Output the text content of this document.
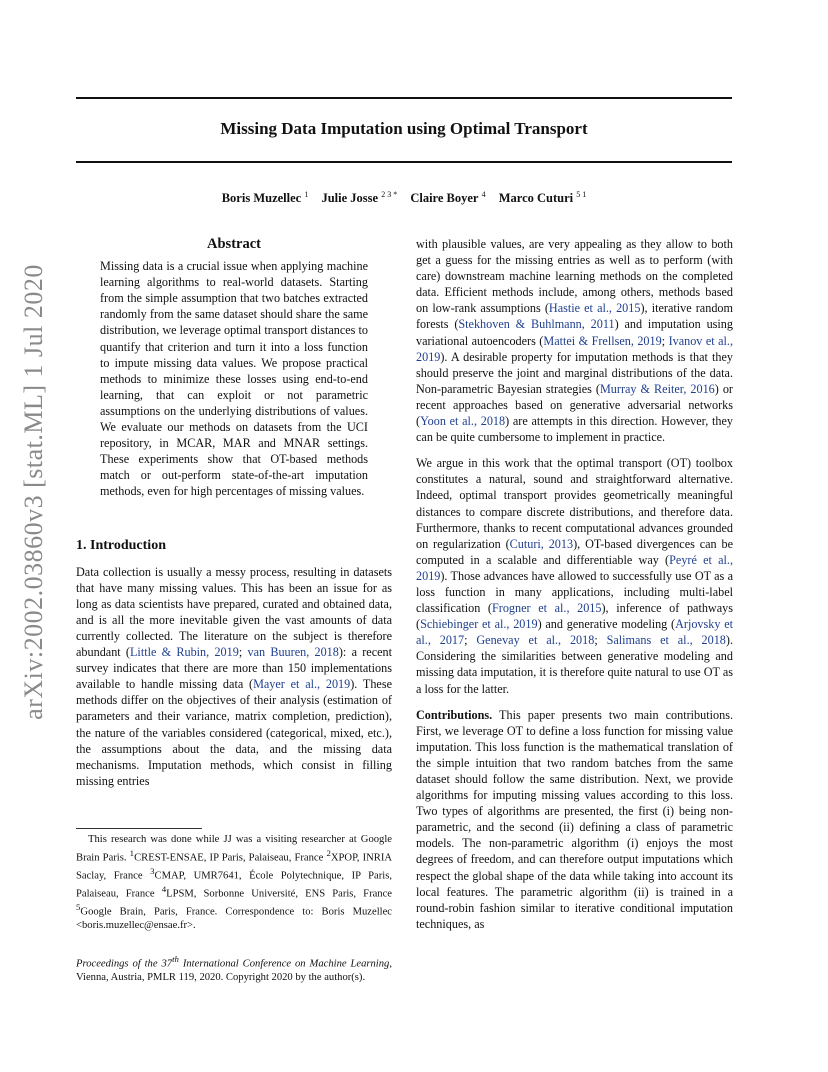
Missing Data Imputation using Optimal Transport
Boris Muzellec $^1$ Julie Josse $^{2 3 *}$ Claire Boyer $^4$ Marco Cuturi $^{5 1}$
arXiv:2002.03860v3 [stat.ML] 1 Jul 2020
Abstract

Missing data is a crucial issue when applying machine learning algorithms to real-world datasets. Starting from the simple assumption that two batches extracted randomly from the same dataset should share the same distribution, we leverage optimal transport distances to quantify that criterion and turn it into a loss function to impute missing data values. We propose practical methods to minimize these losses using end-to-end learning, that can exploit or not parametric assumptions on the underlying distributions of values. We evaluate our methods on datasets from the UCI repository, in MCAR, MAR and MNAR settings. These experiments show that OT-based methods match or out-perform state-of-the-art imputation methods, even for high percentages of missing values.

1. Introduction

Data collection is usually a messy process, resulting in datasets that have many missing values. This has been an issue for as long as data scientists have prepared, curated and obtained data, and is all the more inevitable given the vast amounts of data currently collected. The literature on the subject is therefore abundant (Little & Rubin, 2019; van Buuren, 2018): a recent survey indicates that there are more than 150 implementations available to handle missing data (Mayer et al., 2019). These methods differ on the objectives of their analysis (estimation of parameters and their variance, matrix completion, prediction), the nature of the variables considered (categorical, mixed, etc.), the assumptions about the data, and the missing data mechanisms. Imputation methods, which consist in filling missing entries

This research was done while JJ was a visiting researcher at Google Brain Paris. $^1$CREST-ENSAE, IP Paris, Palaiseau, France $^2$XPOP, INRIA Saclay, France $^3$CMAP, UMR7641, École Polytechnique, IP Paris, Palaiseau, France $^4$LPSM, Sorbonne Université, ENS Paris, France $^5$Google Brain, Paris, France. Correspondence to: Boris Muzellec <boris.muzellec@ensae.fr>.
Proceedings of the 37th International Conference on Machine Learning, Vienna, Austria, PMLR 119, 2020. Copyright 2020 by the author(s).

with plausible values, are very appealing as they allow to both get a guess for the missing entries as well as to perform (with care) downstream machine learning methods on the completed data. Efficient methods include, among others, methods based on low-rank assumptions (Hastie et al., 2015), iterative random forests (Stekhoven & Buhlmann, 2011) and imputation using variational autoencoders (Mattei & Frellsen, 2019; Ivanov et al., 2019). A desirable property for imputation methods is that they should preserve the joint and marginal distributions of the data. Non-parametric Bayesian strategies (Murray & Reiter, 2016) or recent approaches based on generative adversarial networks (Yoon et al., 2018) are attempts in this direction. However, they can be quite cumbersome to implement in practice.

We argue in this work that the optimal transport (OT) toolbox constitutes a natural, sound and straightforward alternative. Indeed, optimal transport provides geometrically meaningful distances to compare discrete distributions, and therefore data. Furthermore, thanks to recent computational advances grounded on regularization (Cuturi, 2013), OT-based divergences can be computed in a scalable and differentiable way (Peyré et al., 2019). Those advances have allowed to successfully use OT as a loss function in many applications, including multi-label classification (Frogner et al., 2015), inference of pathways (Schiebinger et al., 2019) and generative modeling (Arjovsky et al., 2017; Genevay et al., 2018; Salimans et al., 2018). Considering the similarities between generative modeling and missing data imputation, it is therefore quite natural to use OT as a loss for the latter.

Contributions. This paper presents two main contributions. First, we leverage OT to define a loss function for missing value imputation. This loss function is the mathematical translation of the simple intuition that two random batches from the same dataset should follow the same distribution. Next, we provide algorithms for imputing missing values according to this loss. Two types of algorithms are presented, the first (i) being non-parametric, and the second (ii) defining a class of parametric models. The non-parametric algorithm (i) enjoys the most degrees of freedom, and can therefore output imputations which respect the global shape of the data while taking into account its local features. The parametric algorithm (ii) is trained in a round-robin fashion similar to iterative conditional imputation techniques, as
